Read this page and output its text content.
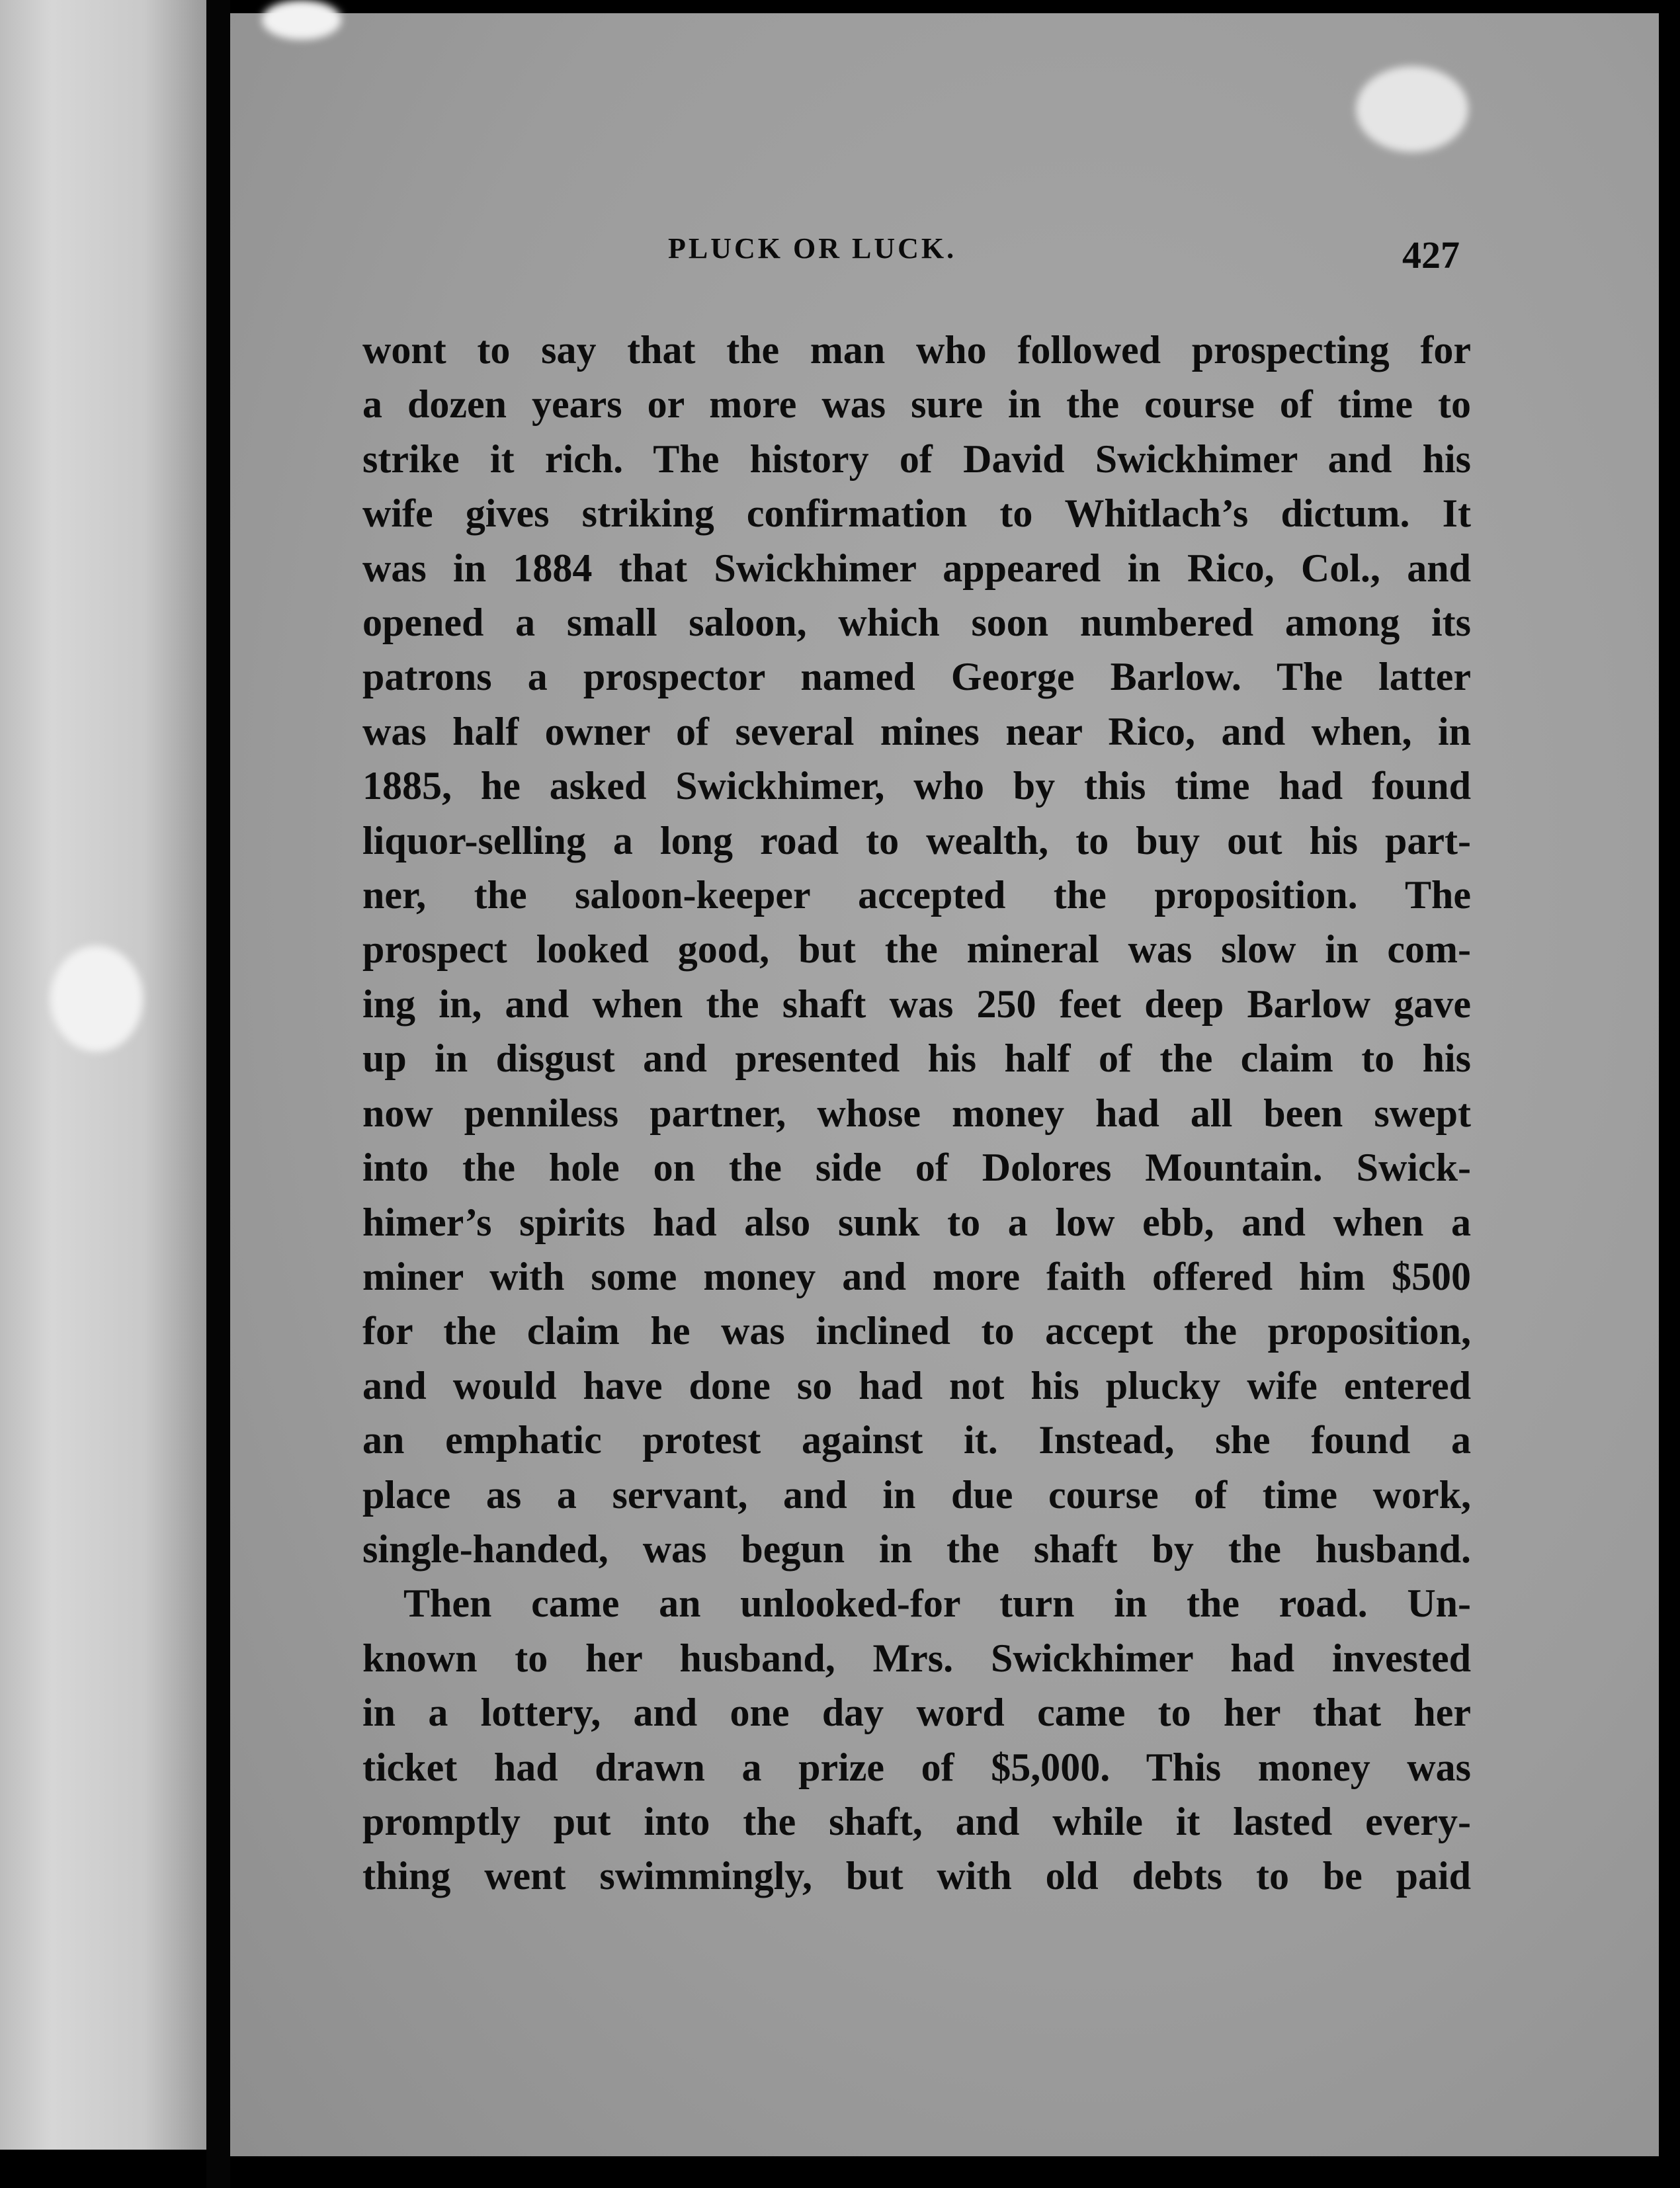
PLUCK OR LUCK.	427
wont to say that the man who followed prospecting for
a dozen years or more was sure in the course of time to
strike it rich. The history of David Swickhimer and his
wife gives striking confirmation to Whitlach’s dictum. It
was in 1884 that Swickhimer appeared in Rico, Col., and
opened a small saloon, which soon numbered among its
patrons a prospector named George Barlow. The latter
was half owner of several mines near Rico, and when, in
1885, he asked Swickhimer, who by this time had found
liquor-selling a long road to wealth, to buy out his part-
ner, the saloon-keeper accepted the proposition. The
prospect looked good, but the mineral was slow in com-
ing in, and when the shaft was 250 feet deep Barlow gave
up in disgust and presented his half of the claim to his
now penniless partner, whose money had all been swept
into the hole on the side of Dolores Mountain. Swick-
himer’s spirits had also sunk to a low ebb, and when a
miner with some money and more faith offered him $500
for the claim he was inclined to accept the proposition,
and would have done so had not his plucky wife entered
an emphatic protest against it. Instead, she found a
place as a servant, and in due course of time work,
single-handed, was begun in the shaft by the husband.
Then came an unlooked-for turn in the road. Un-
known to her husband, Mrs. Swickhimer had invested
in a lottery, and one day word came to her that her
ticket had drawn a prize of $5,000. This money was
promptly put into the shaft, and while it lasted every-
thing went swimmingly, but with old debts to be paid
